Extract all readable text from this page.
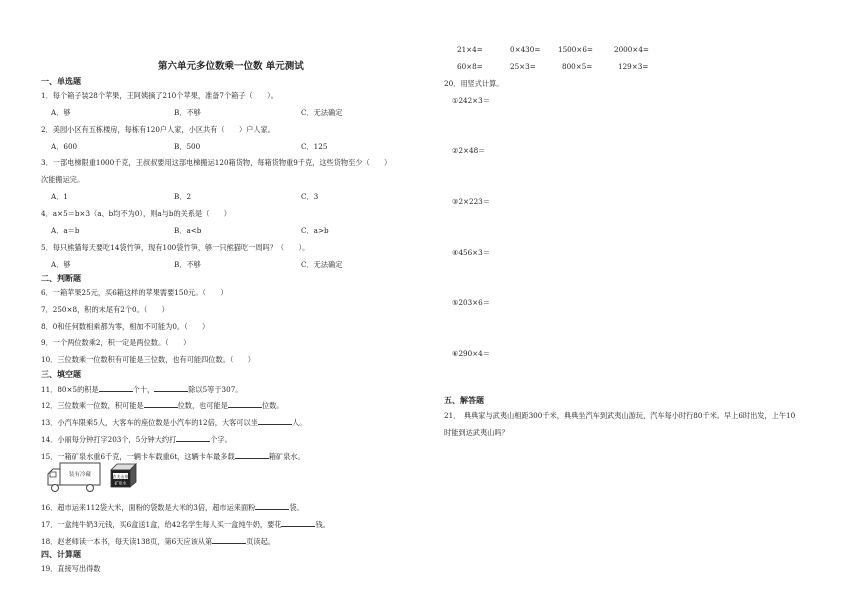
第六单元多位数乘一位数 单元测试
一、单选题
1．每个箱子装28个苹果，王阿姨摘了210个苹果，准备7个箱子（　　）。
A．够	B．不够	C．无法确定
2．美园小区有五栋楼房，每栋有120户人家，小区共有（　　）户人家。
A．600	B．500	C．125
3．一部电梯限重1000千克，王叔叔要用这部电梯搬运120箱货物，每箱货物重9千克，这些货物至少（　　）
次能搬运完。
A．1	B．2	C．3
4．a×5＝b×3（a、b均不为0），则a与b的关系是（　　）
A．a＝b	B．a<b	C．a>b
5．每只熊猫每天要吃14袋竹笋，现有100袋竹笋，够一只熊猫吃一周吗？（　　）。
A．够	B．不够	C．无法确定
二、判断题
6．一箱苹果25元，买6箱这样的苹果需要150元。（　　）
7．250×8，积的末尾有2个0。（　　）
8．0和任何数相乘都为零，相加不可能为0。（　　）
9．一个两位数乘2，积一定是两位数。（　　）
10．三位数乘一位数积有可能是三位数，也有可能四位数。（　　）
三、填空题
11．80×5的积是	个十，	除以5等于307。
12．三位数乘一位数，积可能是	位数，也可能是	位数。
13．小汽车限乘5人，大客车的座位数是小汽车的12倍，大客可以坐	人。
14．小丽每分钟打字203个，5分钟大约打	个字。
15．一箱矿泉水重6千克，一辆卡车载重6t，这辆卡车最多载	箱矿泉水。
装有冷藏	农夫山泉
矿泉水
16．超市运来112袋大米，面粉的袋数是大米的3倍，超市运来面粉	袋。
17．一盒纯牛奶3元钱，买6盒送1盒，给42名学生每人买一盒纯牛奶，要花	钱。
18．赵老师读一本书，每天读138页，第6天应该从第	页读起。
四、计算题
19．直接写出得数
21×4=	0×430= 1500×6=	2000×4=
60×8=	25×3=	800×5=	129×3=
20．用竖式计算。
①242×3＝
②2×48＝
③2×223＝
④456×3＝
⑤203×6＝
⑥290×4＝
五、解答题
21．　典典家与武夷山相距300千米，典典坐汽车到武夷山游玩，汽车每小时行80千米。早上6时出发，上午10
时能到达武夷山吗？
